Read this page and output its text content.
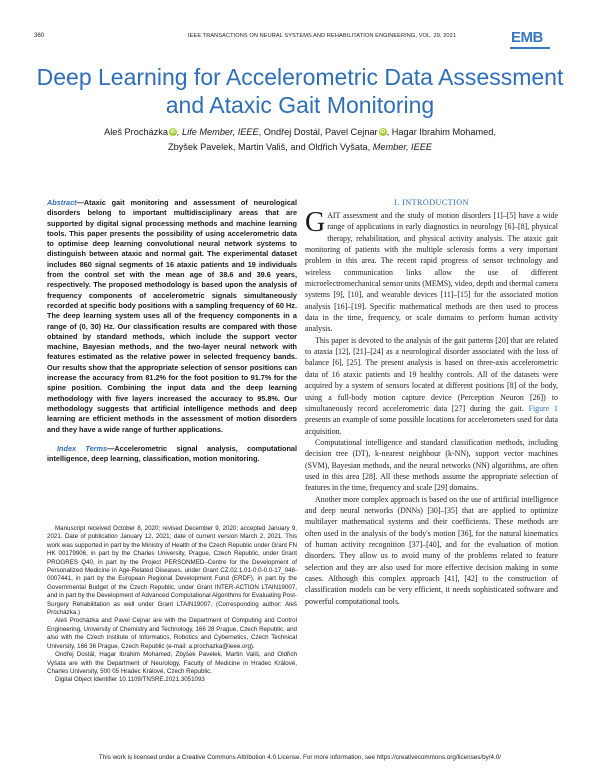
360	IEEE TRANSACTIONS ON NEURAL SYSTEMS AND REHABILITATION ENGINEERING, VOL. 29, 2021	EMB
Deep Learning for Accelerometric Data Assessment and Ataxic Gait Monitoring
Aleš Procházka iD , Life Member, IEEE, Ondřej Dostál, Pavel Cejnar iD , Hagar Ibrahim Mohamed,
Zbyšek Pavelek, Martin Vališ, and Oldřich Vyšata, Member, IEEE

Abstract—Ataxic gait monitoring and assessment of neurological disorders belong to important multidisciplinary areas that are supported by digital signal processing methods and machine learning tools. This paper presents the possibility of using accelerometric data to optimise deep learning convolutional neural network systems to distinguish between ataxic and normal gait. The experimental dataset includes 860 signal segments of 16 ataxic patients and 19 individuals from the control set with the mean age of 38.6 and 39.6 years, respectively. The proposed methodology is based upon the analysis of frequency components of accelerometric signals simultaneously recorded at specific body positions with a sampling frequency of 60 Hz. The deep learning system uses all of the frequency components in a range of (0, 30) Hz. Our classification results are compared with those obtained by standard methods, which include the support vector machine, Bayesian methods, and the two-layer neural network with features estimated as the relative power in selected frequency bands. Our results show that the appropriate selection of sensor positions can increase the accuracy from 81.2% for the foot position to 91.7% for the spine position. Combining the input data and the deep learning methodology with five layers increased the accuracy to 95.8%. Our methodology suggests that artificial intelligence methods and deep learning are efficient methods in the assessment of motion disorders and they have a wide range of further applications.

Index Terms—Accelerometric signal analysis, computational intelligence, deep learning, classification, motion monitoring.

Manuscript received October 8, 2020; revised December 9, 2020; accepted January 9, 2021. Date of publication January 12, 2021; date of current version March 2, 2021. This work was supported in part by the Ministry of Health of the Czech Republic under Grant FN HK 00179906, in part by the Charles University, Prague, Czech Republic, under Grant PROGRES Q40, in part by the Project PERSONMED–Centre for the Development of Personalized Medicine in Age-Related Diseases, under Grant CZ.02.1.01-0.0-0.0-17_048-0007441, in part by the European Regional Development Fund (ERDF), in part by the Governmental Budget of the Czech Republic, under Grant INTER-ACTION LTAIN19007, and in part by the Development of Advanced Computational Algorithms for Evaluating Post-Surgery Rehabilitation as well under Grant LTAIN19007. (Corresponding author: Aleš Procházka.)

Aleš Procházka and Pavel Cejnar are with the Department of Computing and Control Engineering, University of Chemistry and Technology, 166 28 Prague, Czech Republic, and also with the Czech Institute of Informatics, Robotics and Cybernetics, Czech Technical University, 166 36 Prague, Czech Republic (e-mail: a.prochazka@ieee.org).

Ondřej Dostál, Hagar Ibrahim Mohamed, Zbyšek Pavelek, Martin Vališ, and Oldřich Vyšata are with the Department of Neurology, Faculty of Medicine in Hradec Králové, Charles University, 500 05 Hradec Králové, Czech Republic.

Digital Object Identifier 10.1109/TNSRE.2021.3051093

I. INTRODUCTION

GAIT assessment and the study of motion disorders [1]–[5] have a wide range of applications in early diagnostics in neurology [6]–[8], physical therapy, rehabilitation, and physical activity analysis. The ataxic gait monitoring of patients with the multiple sclerosis forms a very important problem in this area. The recent rapid progress of sensor technology and wireless communication links allow the use of different microelectromechanical sensor units (MEMS), video, depth and thermal camera systems [9], [10], and wearable devices [11]–[15] for the associated motion analysis [16]–[19]. Specific mathematical methods are then used to process data in the time, frequency, or scale domains to perform human activity analysis.

This paper is devoted to the analysis of the gait patterns [20] that are related to ataxia [12], [21]–[24] as a neurological disorder associated with the loss of balance [6], [25]. The present analysis is based on three-axis accelerometric data of 16 ataxic patients and 19 healthy controls. All of the datasets were acquired by a system of sensors located at different positions [8] of the body, using a full-body motion capture device (Perception Neuron [26]) to simultaneously record accelerometric data [27] during the gait. Figure 1 presents an example of some possible locations for accelerometers used for data acquisition.

Computational intelligence and standard classification methods, including decision tree (DT), k-nearest neighbour (k-NN), support vector machines (SVM), Bayesian methods, and the neural networks (NN) algorithms, are often used in this area [28]. All these methods assume the appropriate selection of features in the time, frequency and scale [29] domains.

Another more complex approach is based on the use of artificial intelligence and deep neural networks (DNNs) [30]–[35] that are applied to optimize multilayer mathematical systems and their coefficients. These methods are often used in the analysis of the body's motion [36], for the natural kinematics of human activity recognition [37]–[40], and for the evaluation of motion disorders. They allow us to avoid many of the problems related to feature selection and they are also used for more effective decision making in some cases. Although this complex approach [41], [42] to the construction of classification models can be very efficient, it needs sophisticated software and powerful computational tools.

This work is licensed under a Creative Commons Attribution 4.0 License. For more information, see https://creativecommons.org/licenses/by/4.0/
